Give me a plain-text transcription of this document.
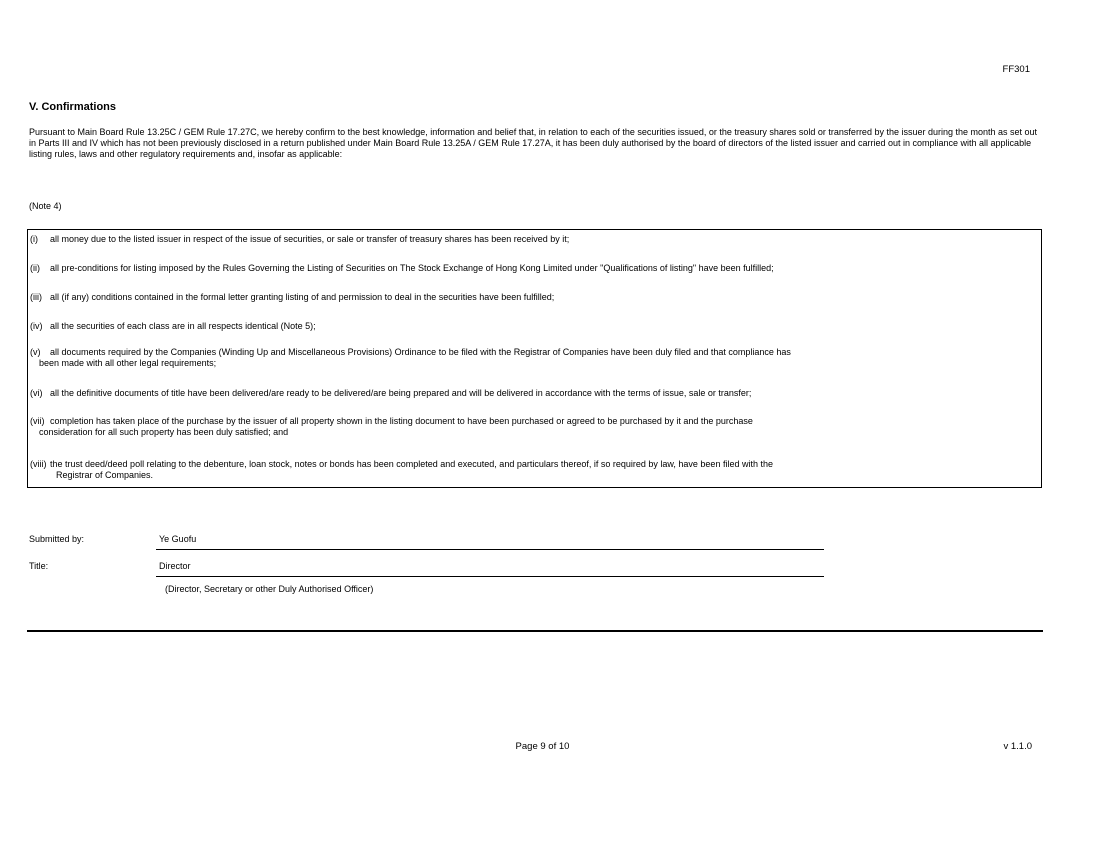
FF301
V. Confirmations
Pursuant to Main Board Rule 13.25C / GEM Rule 17.27C, we hereby confirm to the best knowledge, information and belief that, in relation to each of the securities issued, or the treasury shares sold or transferred by the issuer during the month as set out in Parts III and IV which has not been previously disclosed in a return published under Main Board Rule 13.25A / GEM Rule 17.27A, it has been duly authorised by the board of directors of the listed issuer and carried out in compliance with all applicable listing rules, laws and other regulatory requirements and, insofar as applicable:
(Note 4)
(i) all money due to the listed issuer in respect of the issue of securities, or sale or transfer of treasury shares has been received by it;
(ii) all pre-conditions for listing imposed by the Rules Governing the Listing of Securities on The Stock Exchange of Hong Kong Limited under "Qualifications of listing" have been fulfilled;
(iii) all (if any) conditions contained in the formal letter granting listing of and permission to deal in the securities have been fulfilled;
(iv) all the securities of each class are in all respects identical (Note 5);
(v) all documents required by the Companies (Winding Up and Miscellaneous Provisions) Ordinance to be filed with the Registrar of Companies have been duly filed and that compliance has
been made with all other legal requirements;
(vi) all the definitive documents of title have been delivered/are ready to be delivered/are being prepared and will be delivered in accordance with the terms of issue, sale or transfer;
(vii) completion has taken place of the purchase by the issuer of all property shown in the listing document to have been purchased or agreed to be purchased by it and the purchase
consideration for all such property has been duly satisfied; and
(viii) the trust deed/deed poll relating to the debenture, loan stock, notes or bonds has been completed and executed, and particulars thereof, if so required by law, have been filed with the
Registrar of Companies.
Submitted by:	Ye Guofu
Title:	Director
(Director, Secretary or other Duly Authorised Officer)
Page 9 of 10	v 1.1.0
